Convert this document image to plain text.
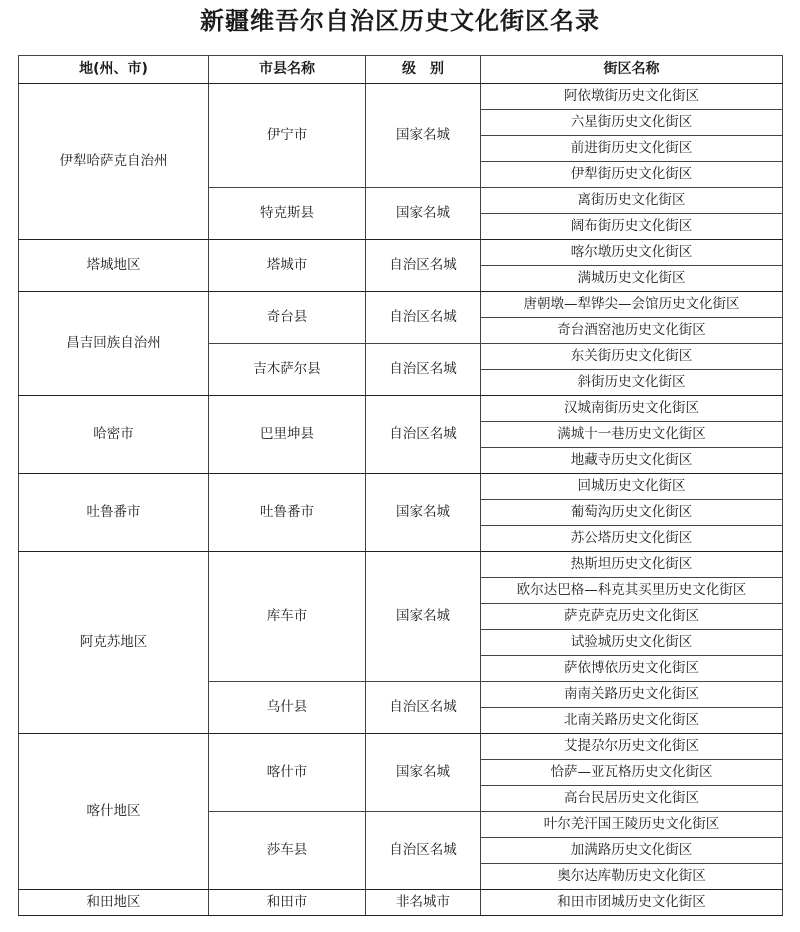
新疆维吾尔自治区历史文化街区名录
地(州、市)	市县名称	级　别	街区名称
伊犁哈萨克自治州	伊宁市	国家名城	阿依墩街历史文化街区
			六星街历史文化街区
			前进街历史文化街区
			伊犁街历史文化街区
	特克斯县	国家名城	离街历史文化街区
			阔布街历史文化街区
塔城地区	塔城市	自治区名城	喀尔墩历史文化街区
			满城历史文化街区
昌吉回族自治州	奇台县	自治区名城	唐朝墩—犁铧尖—会馆历史文化街区
			奇台酒窑池历史文化街区
	吉木萨尔县	自治区名城	东关街历史文化街区
			斜街历史文化街区
哈密市	巴里坤县	自治区名城	汉城南街历史文化街区
			满城十一巷历史文化街区
			地藏寺历史文化街区
吐鲁番市	吐鲁番市	国家名城	回城历史文化街区
			葡萄沟历史文化街区
			苏公塔历史文化街区
阿克苏地区	库车市	国家名城	热斯坦历史文化街区
			欧尔达巴格—科克其买里历史文化街区
			萨克萨克历史文化街区
			试验城历史文化街区
			萨依博依历史文化街区
	乌什县	自治区名城	南南关路历史文化街区
			北南关路历史文化街区
喀什地区	喀什市	国家名城	艾提尕尔历史文化街区
			恰萨—亚瓦格历史文化街区
			高台民居历史文化街区
	莎车县	自治区名城	叶尔羌汗国王陵历史文化街区
			加满路历史文化街区
			奥尔达库勒历史文化街区
和田地区	和田市	非名城市	和田市团城历史文化街区
